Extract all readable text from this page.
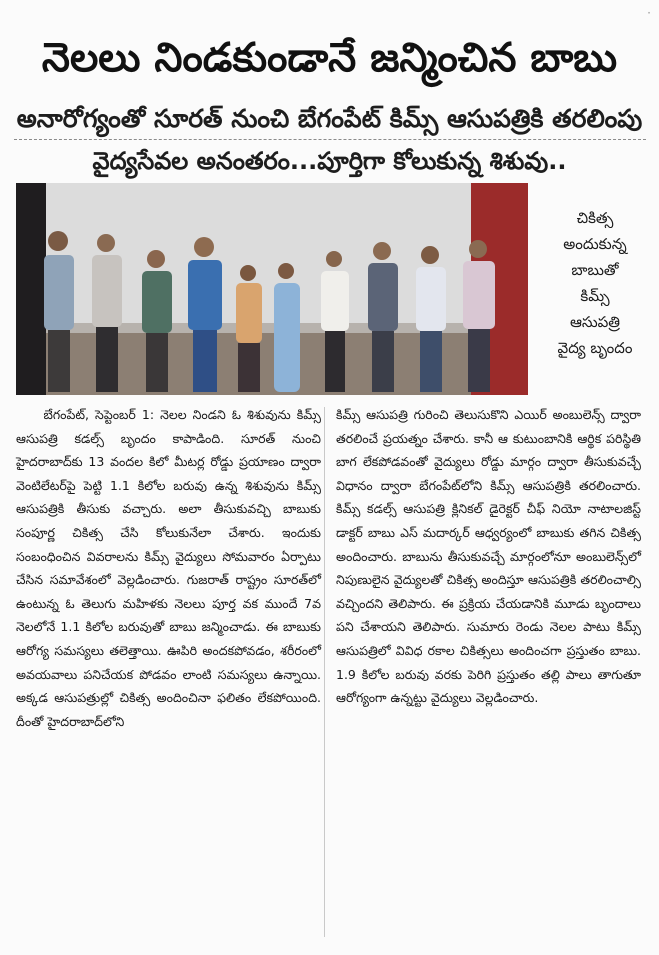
·
నెలలు నిండకుండానే జన్మించిన బాబు
అనారోగ్యంతో సూరత్ నుంచి బేగంపేట్ కిమ్స్ ఆసుపత్రికి తరలింపు
వైద్యసేవల అనంతరం...పూర్తిగా కోలుకున్న శిశువు..
చికిత్స
అందుకున్న
బాబుతో
కిమ్స్
ఆసుపత్రి
వైద్య బృందం

బేగంపేట్, సెప్టెంబర్ 1: నెలల నిండని ఓ శిశువును కిమ్స్ ఆసుపత్రి కడల్స్ బృందం కాపాడింది. సూరత్ నుంచి హైదరాబాద్‌కు 13 వందల కిలో మీటర్ల రోడ్డు ప్రయాణం ద్వారా వెంటిలేటర్‌పై పెట్టి 1.1 కిలోల బరువు ఉన్న శిశువును కిమ్స్ ఆసుపత్రికి తీసుకు వచ్చారు. అలా తీసుకువచ్చి బాబుకు సంపూర్ణ చికిత్స చేసి కోలుకునేలా చేశారు. ఇందుకు సంబంధించిన వివరాలను కిమ్స్ వైద్యులు సోమవారం ఏర్పాటు చేసిన సమావేశంలో వెల్లడించారు. గుజరాత్ రాష్ట్రం సూరత్‌లో ఉంటున్న ఓ తెలుగు మహిళకు నెలలు పూర్త వక ముందే 7వ నెలలోనే 1.1 కిలోల బరువుతో బాబు జన్మించాడు. ఈ బాబుకు ఆరోగ్య సమస్యలు తలెత్తాయి. ఊపిరి అందకపోవడం, శరీరంలో అవయవాలు పనిచేయక పోడవం లాంటి సమస్యలు ఉన్నాయి. అక్కడ ఆసుపత్రుల్లో చికిత్స అందించినా ఫలితం లేకపోయింది. దీంతో హైదరాబాద్‌లోని

కిమ్స్ ఆసుపత్రి గురించి తెలుసుకొని ఎయిర్ అంబులెన్స్ ద్వారా తరలించే ప్రయత్నం చేశారు. కానీ ఆ కుటుంబానికి ఆర్థిక పరిస్థితి బాగ లేకపోడవంతో వైద్యులు రోడ్డు మార్గం ద్వారా తీసుకువచ్చే విధానం ద్వారా బేగంపేట్‌లోని కిమ్స్ ఆసుపత్రికి తరలించారు. కిమ్స్ కడల్స్ ఆసుపత్రి క్లినికల్ డైరెక్టర్ చీఫ్ నియో నాటాలజిస్ట్ డాక్టర్ బాబు ఎస్ మదార్కర్ ఆధ్వర్యంలో బాబుకు తగిన చికిత్స అందించారు. బాబును తీసుకువచ్చే మార్గంలోనూ అంబులెన్స్‌లో నిపుణులైన వైద్యులతో చికిత్స అందిస్తూ ఆసుపత్రికి తరలించాల్సి వచ్చిందని తెలిపారు. ఈ ప్రక్రియ చేయడానికి మూడు బృందాలు పని చేశాయని తెలిపారు. సుమారు రెండు నెలల పాటు కిమ్స్ ఆసుపత్రిలో వివిధ రకాల చికిత్సలు అందించగా ప్రస్తుతం బాబు. 1.9 కిలోల బరువు వరకు పెరిగి ప్రస్తుతం తల్లి పాలు తాగుతూ ఆరోగ్యంగా ఉన్నట్టు వైద్యులు వెల్లడించారు.
